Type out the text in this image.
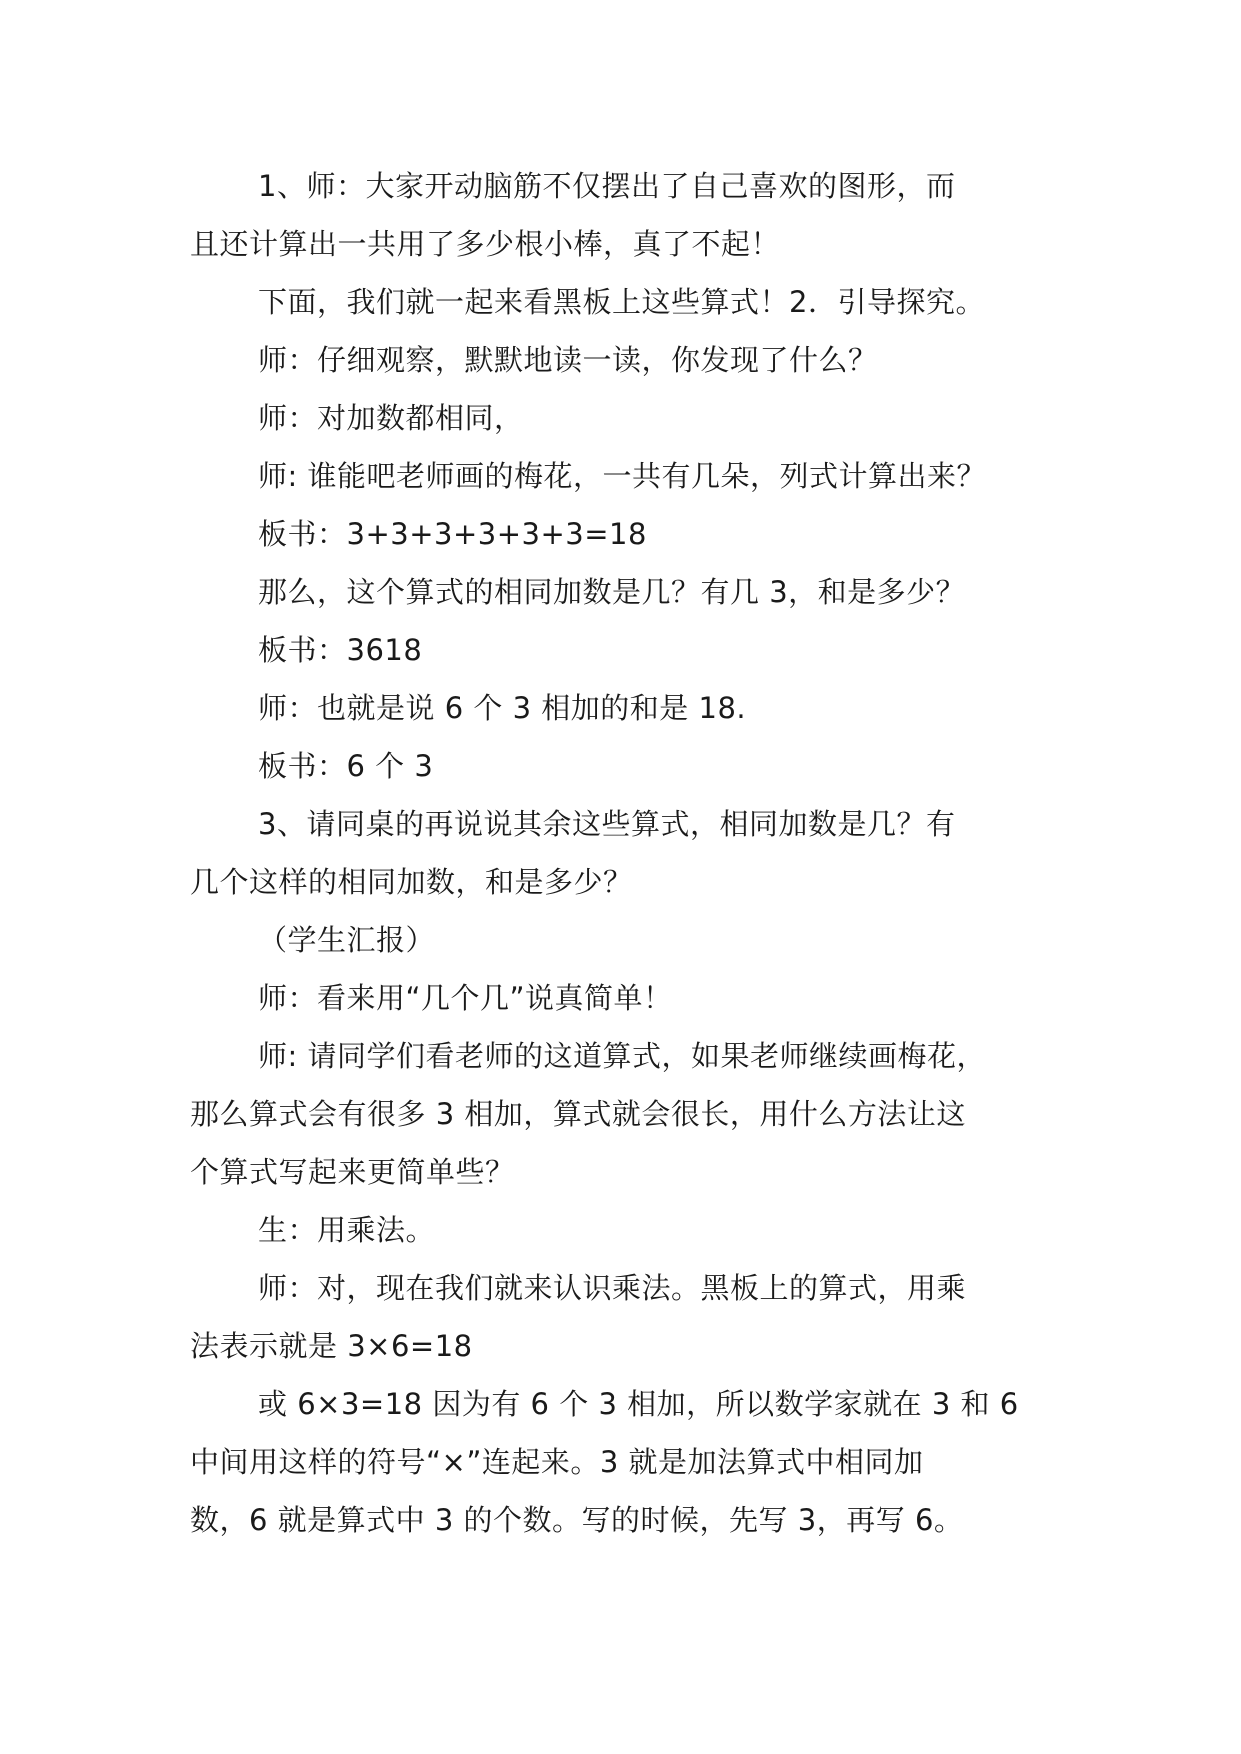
1、师：大家开动脑筋不仅摆出了自己喜欢的图形，而
且还计算出一共用了多少根小棒，真了不起！
下面，我们就一起来看黑板上这些算式！2．引导探究。
师：仔细观察，默默地读一读，你发现了什么？
师：对加数都相同，
师: 谁能吧老师画的梅花，一共有几朵，列式计算出来？
板书：3+3+3+3+3+3=18
那么，这个算式的相同加数是几？有几 3，和是多少？
板书：3618
师：也就是说 6 个 3 相加的和是 18.
板书：6 个 3
3、请同桌的再说说其余这些算式，相同加数是几？有
几个这样的相同加数，和是多少？
（学生汇报）
师：看来用“几个几”说真简单！
师: 请同学们看老师的这道算式，如果老师继续画梅花，
那么算式会有很多 3 相加，算式就会很长，用什么方法让这
个算式写起来更简单些？
生：用乘法。
师：对，现在我们就来认识乘法。黑板上的算式，用乘
法表示就是 3×6=18
或 6×3=18 因为有 6 个 3 相加，所以数学家就在 3 和 6
中间用这样的符号“×”连起来。3 就是加法算式中相同加
数，6 就是算式中 3 的个数。写的时候，先写 3，再写 6。
